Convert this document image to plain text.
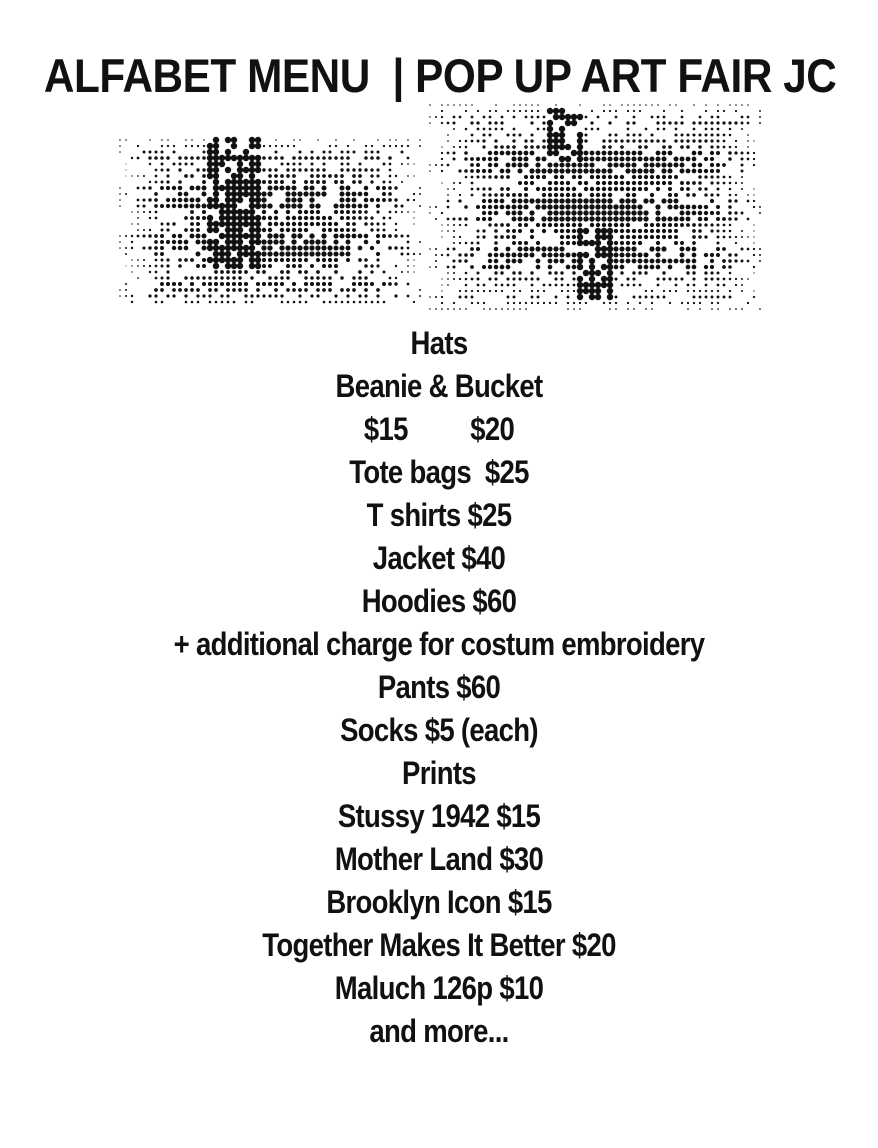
ALFABET MENU  | POP UP ART FAIR JC
Hats
Beanie & Bucket
$15         $20
Tote bags  $25
T shirts $25
Jacket $40
Hoodies $60
+ additional charge for costum embroidery
Pants $60
Socks $5 (each)
Prints
Stussy 1942 $15
Mother Land $30
Brooklyn Icon $15
Together Makes It Better $20
Maluch 126p $10
and more...
